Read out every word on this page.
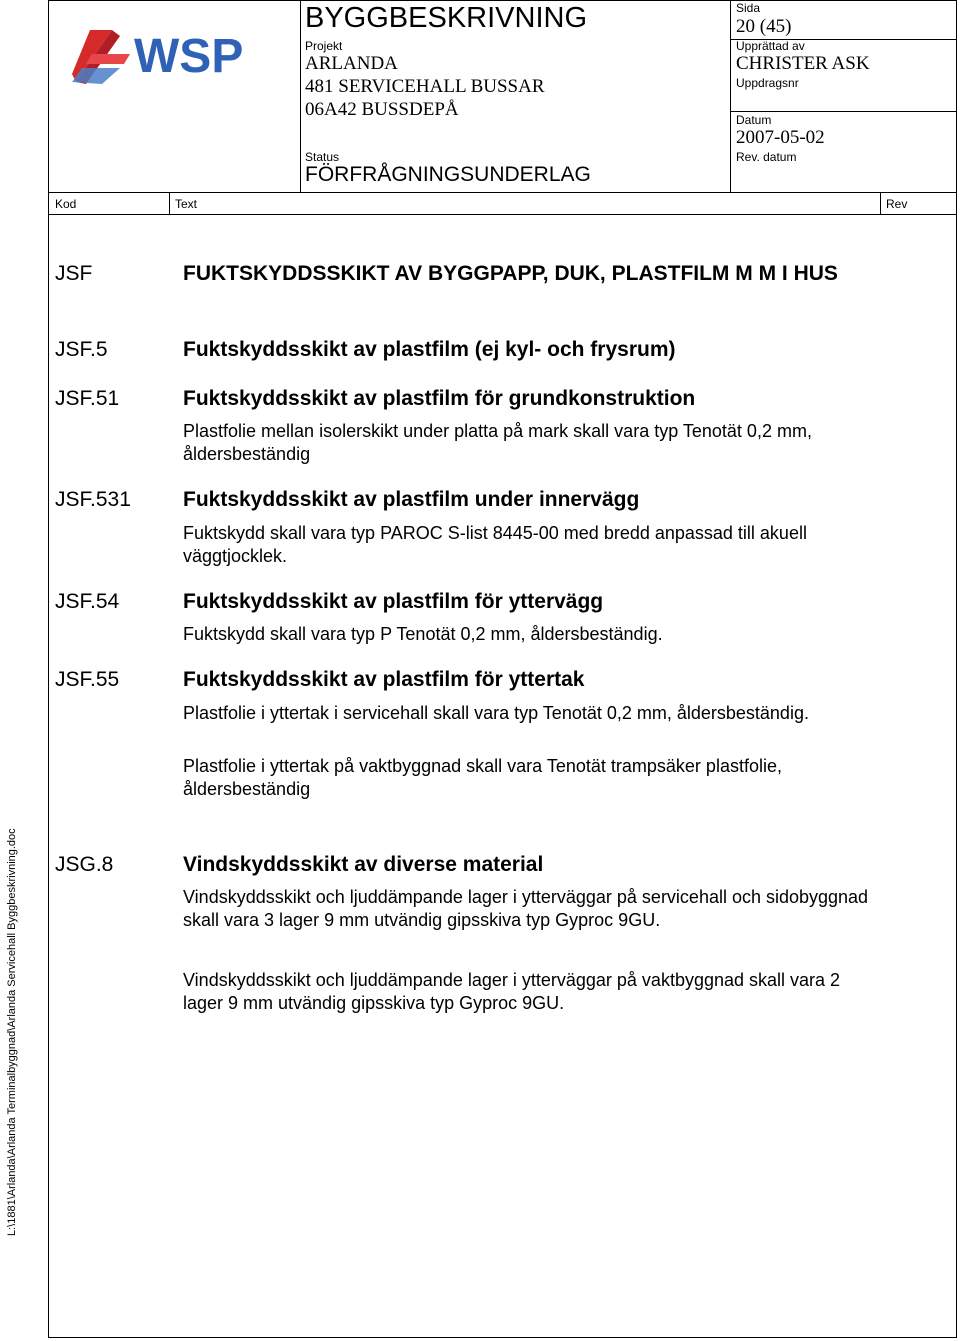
WSP
BYGGBESKRIVNING
Projekt
ARLANDA
481 SERVICEHALL BUSSAR
06A42 BUSSDEPÅ
Status
FÖRFRÅGNINGSUNDERLAG
Sida
20 (45)
Upprättad av
CHRISTER ASK
Uppdragsnr
Datum
2007-05-02
Rev. datum
Kod	Text	Rev
JSF	FUKTSKYDDSSKIKT AV BYGGPAPP, DUK, PLASTFILM M M I HUS
JSF.5	Fuktskyddsskikt av plastfilm (ej kyl- och frysrum)
JSF.51	Fuktskyddsskikt av plastfilm för grundkonstruktion
Plastfolie mellan isolerskikt under platta på mark skall vara typ Tenotät 0,2 mm, åldersbeständig
JSF.531 Fuktskyddsskikt av plastfilm under innervägg
Fuktskydd skall vara typ PAROC S-list 8445-00 med bredd anpassad till akuell väggtjocklek.
JSF.54	Fuktskyddsskikt av plastfilm för yttervägg
Fuktskydd skall vara typ P Tenotät 0,2 mm, åldersbeständig.
JSF.55	Fuktskyddsskikt av plastfilm för yttertak
Plastfolie i yttertak i servicehall skall vara typ Tenotät 0,2 mm, åldersbeständig.
Plastfolie i yttertak på vaktbyggnad skall vara Tenotät trampsäker plastfolie, åldersbeständig
JSG.8	Vindskyddsskikt av diverse material
Vindskyddsskikt och ljuddämpande lager i ytterväggar på servicehall och sidobyggnad skall vara 3 lager 9 mm utvändig gipsskiva typ Gyproc 9GU.
Vindskyddsskikt och ljuddämpande lager i ytterväggar på vaktbyggnad skall vara 2 lager 9 mm utvändig gipsskiva typ Gyproc 9GU.
L:\1881\Arlanda\Arlanda Terminalbyggnad\Arlanda Servicehall Byggbeskrivning.doc
